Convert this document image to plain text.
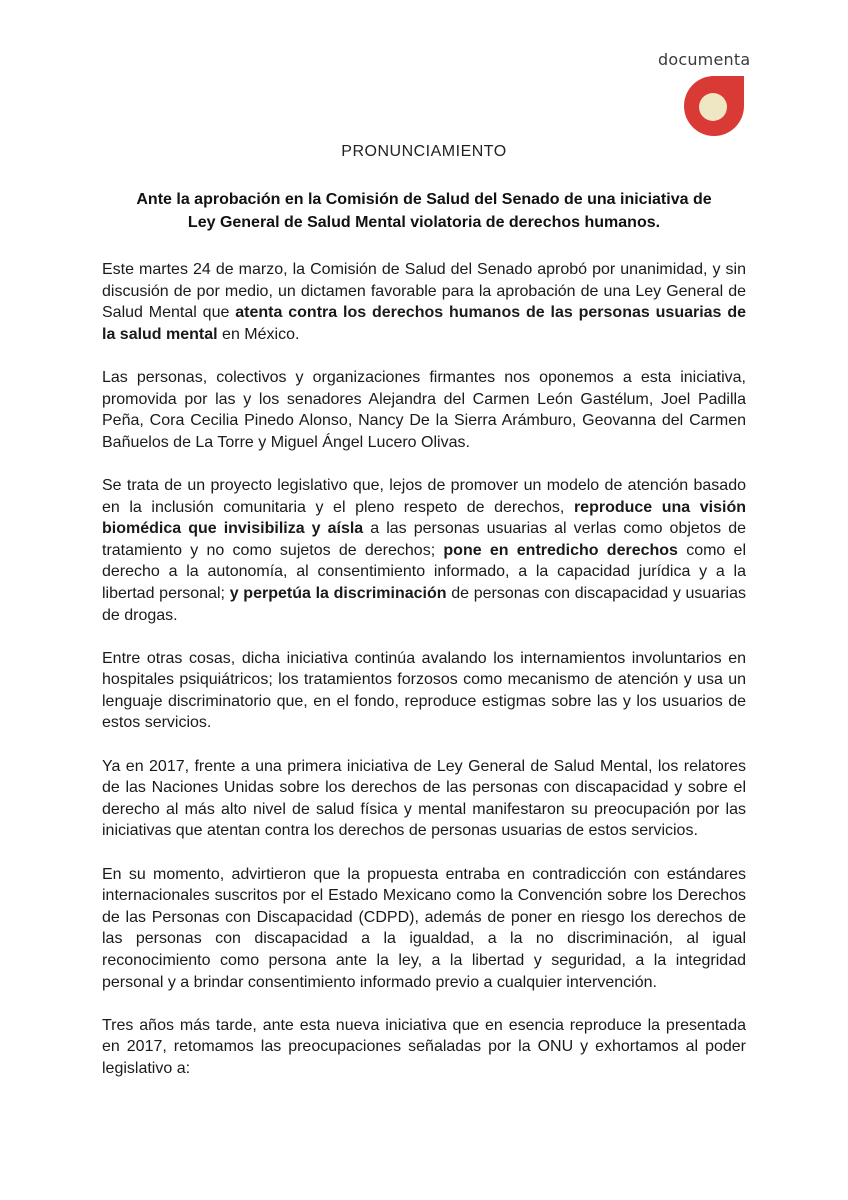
documenta
PRONUNCIAMIENTO
Ante la aprobación en la Comisión de Salud del Senado de una iniciativa de
Ley General de Salud Mental violatoria de derechos humanos.

Este martes 24 de marzo, la Comisión de Salud del Senado aprobó por unanimidad, y sin discusión de por medio, un dictamen favorable para la aprobación de una Ley General de Salud Mental que atenta contra los derechos humanos de las personas usuarias de la salud mental en México.

Las personas, colectivos y organizaciones firmantes nos oponemos a esta iniciativa, promovida por las y los senadores Alejandra del Carmen León Gastélum, Joel Padilla Peña, Cora Cecilia Pinedo Alonso, Nancy De la Sierra Arámburo, Geovanna del Carmen Bañuelos de La Torre y Miguel Ángel Lucero Olivas.

Se trata de un proyecto legislativo que, lejos de promover un modelo de atención basado en la inclusión comunitaria y el pleno respeto de derechos, reproduce una visión biomédica que invisibiliza y aísla a las personas usuarias al verlas como objetos de tratamiento y no como sujetos de derechos; pone en entredicho derechos como el derecho a la autonomía, al consentimiento informado, a la capacidad jurídica y a la libertad personal; y perpetúa la discriminación de personas con discapacidad y usuarias de drogas.

Entre otras cosas, dicha iniciativa continúa avalando los internamientos involuntarios en hospitales psiquiátricos; los tratamientos forzosos como mecanismo de atención y usa un lenguaje discriminatorio que, en el fondo, reproduce estigmas sobre las y los usuarios de estos servicios.

Ya en 2017, frente a una primera iniciativa de Ley General de Salud Mental, los relatores de las Naciones Unidas sobre los derechos de las personas con discapacidad y sobre el derecho al más alto nivel de salud física y mental manifestaron su preocupación por las iniciativas que atentan contra los derechos de personas usuarias de estos servicios.

En su momento, advirtieron que la propuesta entraba en contradicción con estándares internacionales suscritos por el Estado Mexicano como la Convención sobre los Derechos de las Personas con Discapacidad (CDPD), además de poner en riesgo los derechos de las personas con discapacidad a la igualdad, a la no discriminación, al igual reconocimiento como persona ante la ley, a la libertad y seguridad, a la integridad personal y a brindar consentimiento informado previo a cualquier intervención.

Tres años más tarde, ante esta nueva iniciativa que en esencia reproduce la presentada en 2017, retomamos las preocupaciones señaladas por la ONU y exhortamos al poder legislativo a:
